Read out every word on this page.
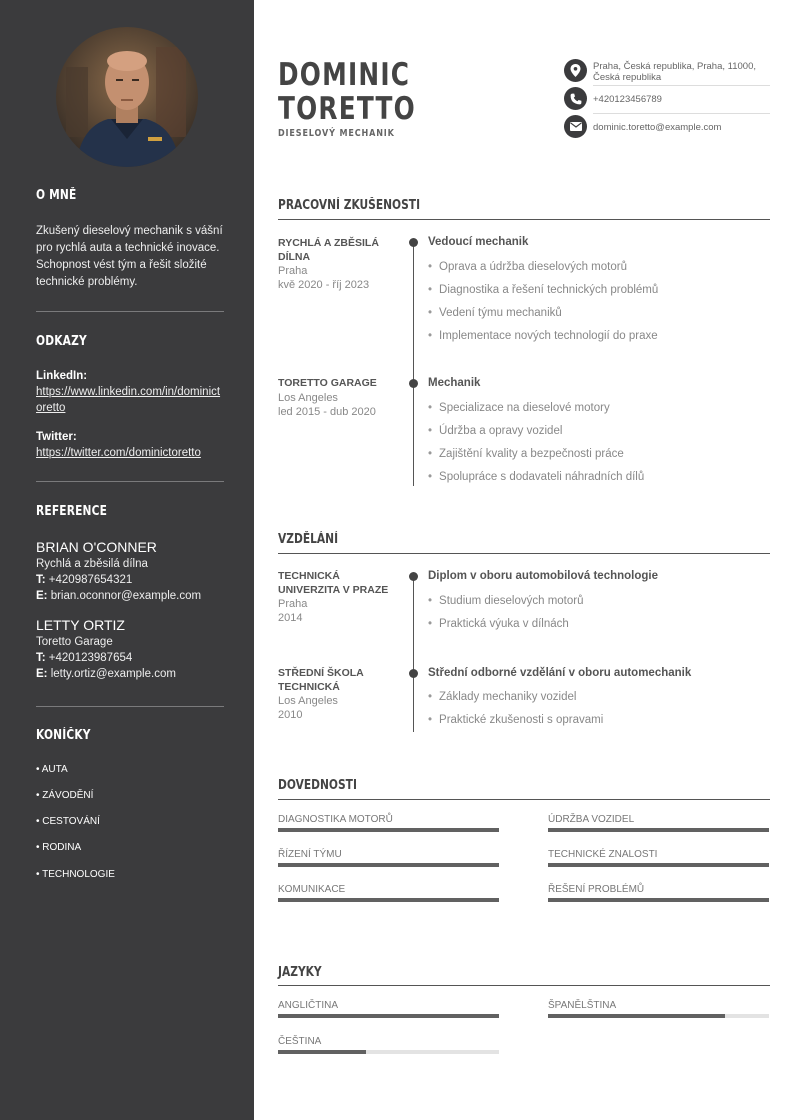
O MNĚ
Zkušený dieselový mechanik s vášní pro rychlá auta a technické inovace. Schopnost vést tým a řešit složité technické problémy.
ODKAZY
LinkedIn:
https://www.linkedin.com/in/dominictoretto
Twitter:
https://twitter.com/dominictoretto
REFERENCE
BRIAN O'CONNER
Rychlá a zběsilá dílna
T: +420987654321
E: brian.oconnor@example.com
LETTY ORTIZ
Toretto Garage
T: +420123987654
E: letty.ortiz@example.com
KONÍČKY
• AUTA
• ZÁVODĚNÍ
• CESTOVÁNÍ
• RODINA
• TECHNOLOGIE
DOMINIC
TORETTO
DIESELOVÝ MECHANIK
Praha, Česká republika, Praha, 11000, Česká republika
+420123456789
dominic.toretto@example.com
PRACOVNÍ ZKUŠENOSTI
RYCHLÁ A ZBĚSILÁ DÍLNA
Praha
kvě 2020 - říj 2023
Vedoucí mechanik
• Oprava a údržba dieselových motorů
• Diagnostika a řešení technických problémů
• Vedení týmu mechaniků
• Implementace nových technologií do praxe
TORETTO GARAGE
Los Angeles
led 2015 - dub 2020
Mechanik
• Specializace na dieselové motory
• Údržba a opravy vozidel
• Zajištění kvality a bezpečnosti práce
• Spolupráce s dodavateli náhradních dílů
VZDĚLÁNÍ
TECHNICKÁ UNIVERZITA V PRAZE
Praha
2014
Diplom v oboru automobilová technologie
• Studium dieselových motorů
• Praktická výuka v dílnách
STŘEDNÍ ŠKOLA TECHNICKÁ
Los Angeles
2010
Střední odborné vzdělání v oboru automechanik
• Základy mechaniky vozidel
• Praktické zkušenosti s opravami
DOVEDNOSTI
DIAGNOSTIKA MOTORŮ	ÚDRŽBA VOZIDEL
ŘÍZENÍ TÝMU	TECHNICKÉ ZNALOSTI
KOMUNIKACE	ŘEŠENÍ PROBLÉMŮ
JAZYKY
ANGLIČTINA	ŠPANĚLŠTINA
ČEŠTINA
